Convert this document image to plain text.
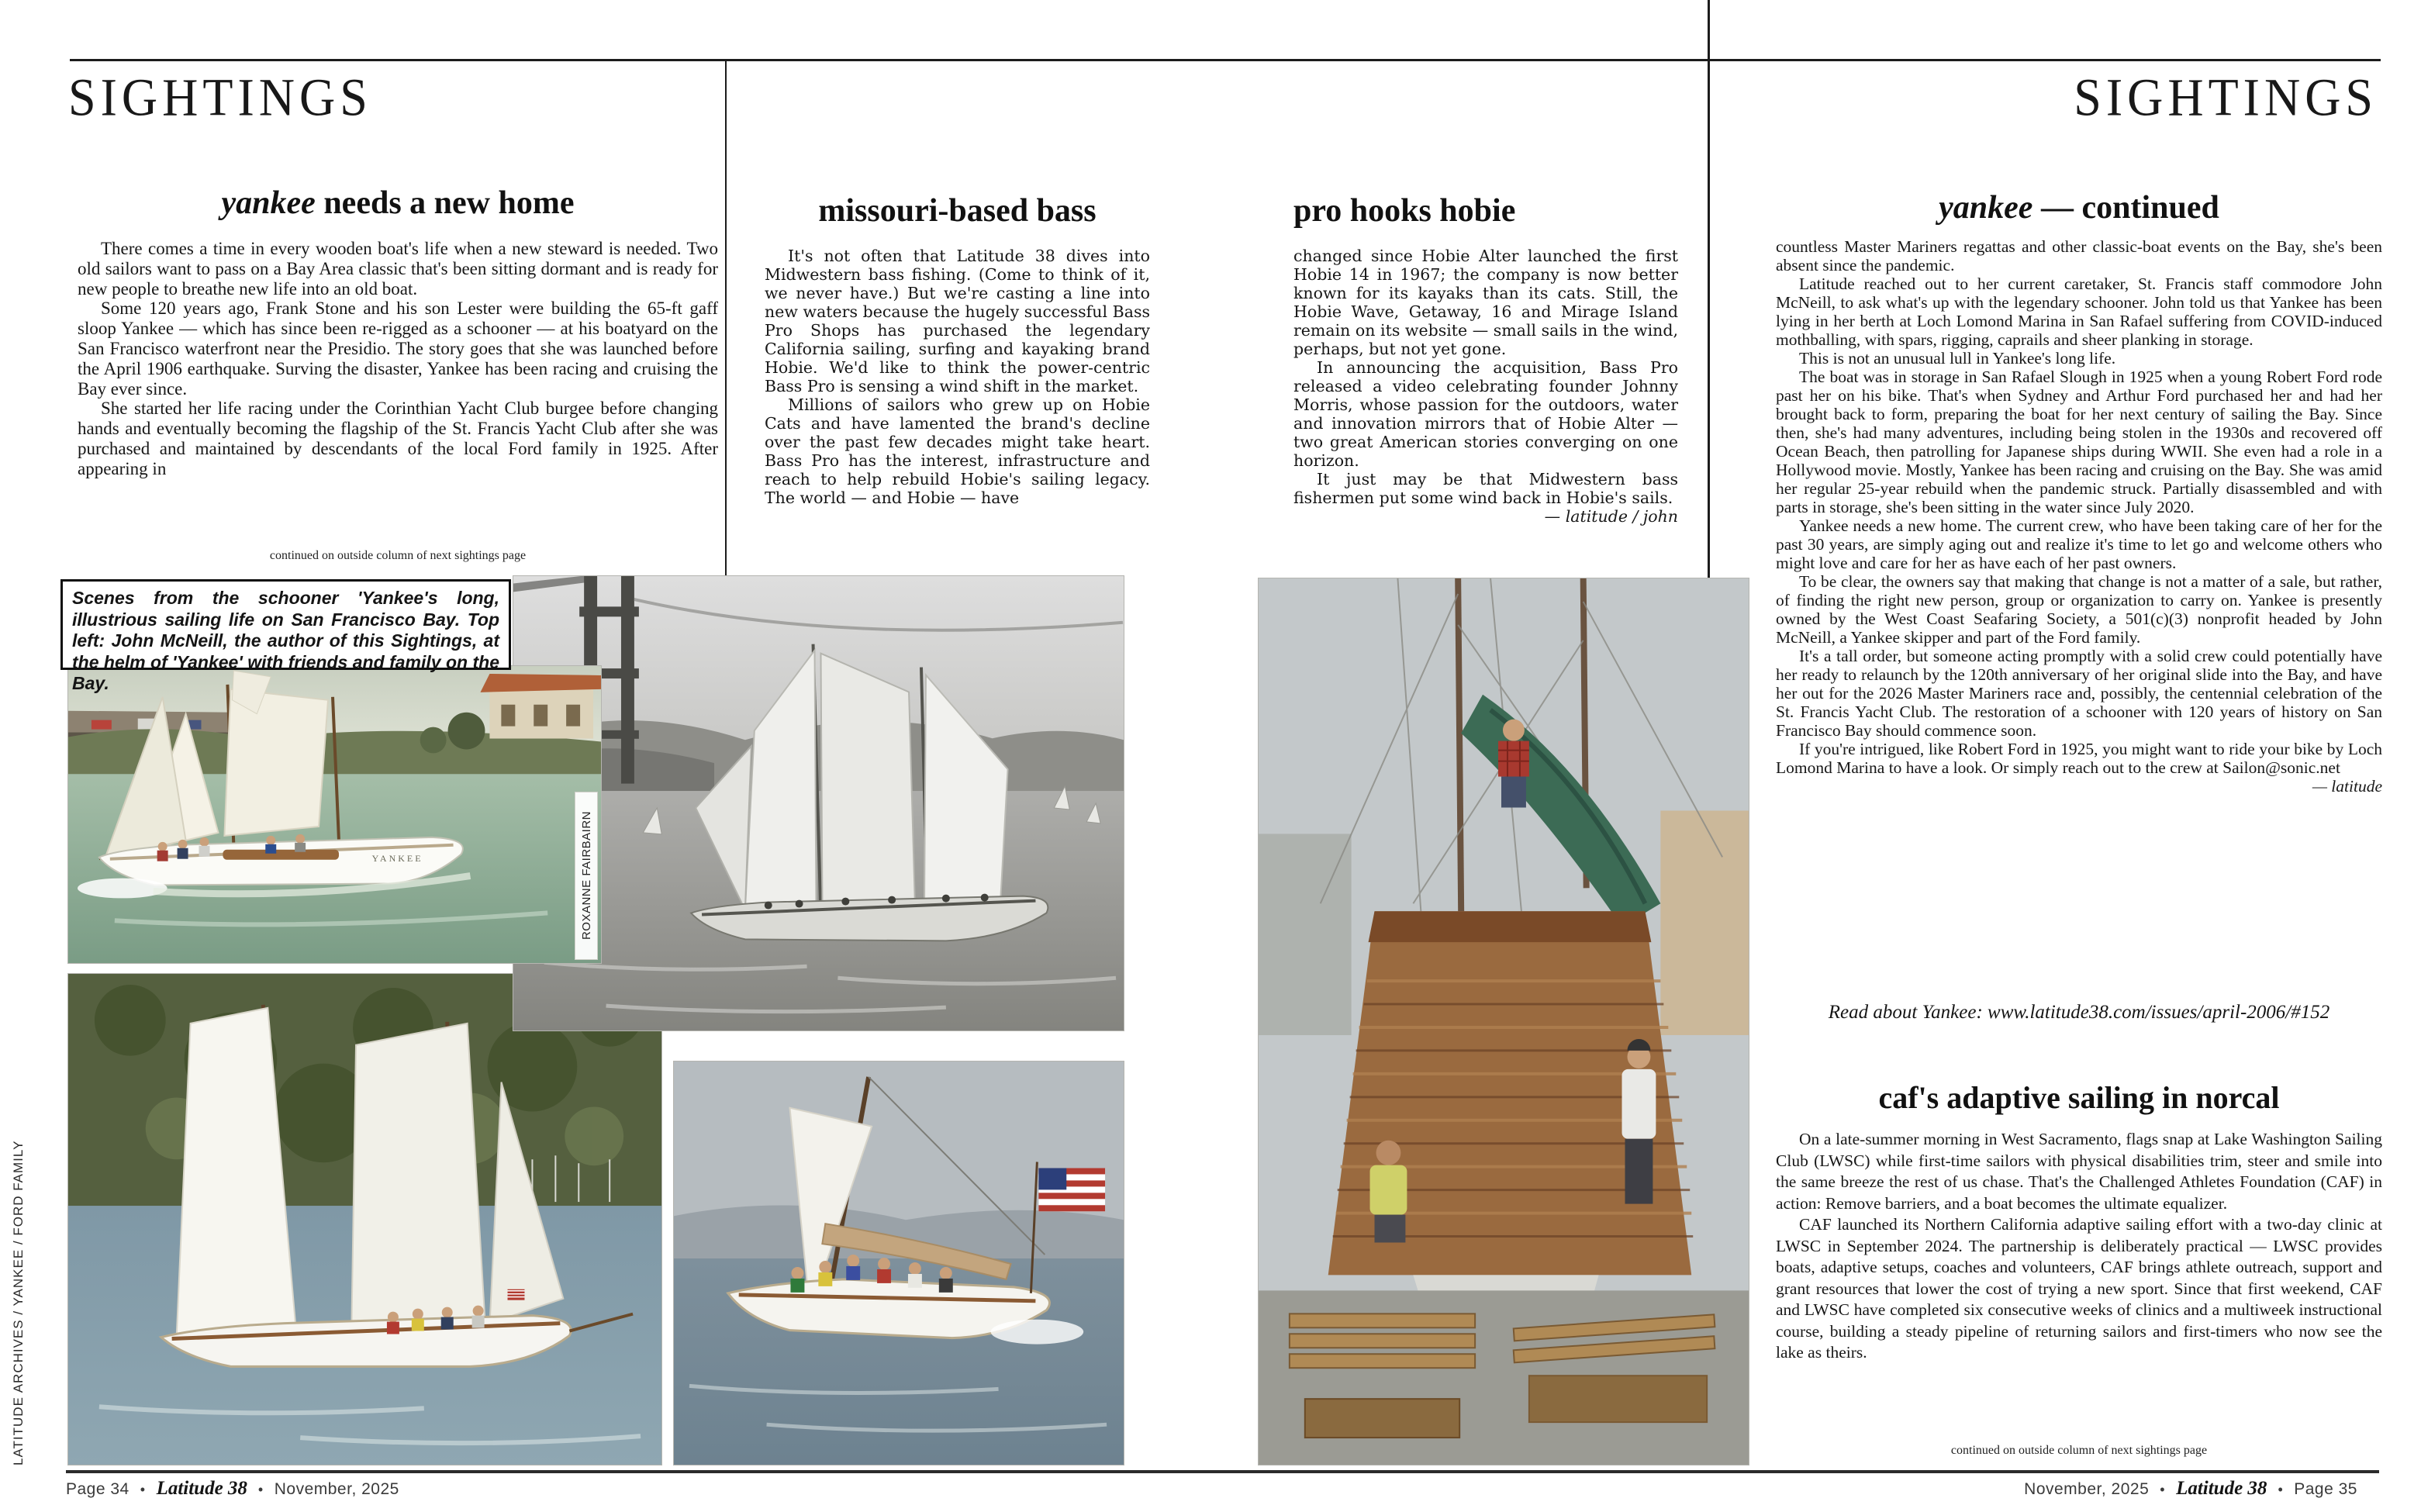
SIGHTINGS	SIGHTINGS
yankee needs a new home

There comes a time in every wooden boat's life when a new steward is needed. Two old sailors want to pass on a Bay Area classic that's been sitting dormant and is ready for new people to breathe new life into an old boat.

Some 120 years ago, Frank Stone and his son Lester were building the 65-ft gaff sloop Yankee — which has since been re-rigged as a schooner — at his boatyard on the San Francisco waterfront near the Presidio. The story goes that she was launched before the April 1906 earthquake. Surving the disaster, Yankee has been racing and cruising the Bay ever since.

She started her life racing under the Corinthian Yacht Club burgee before changing hands and eventually becoming the flagship of the St. Francis Yacht Club after she was purchased and maintained by descendants of the local Ford family in 1925. After appearing in

continued on outside column of next sightings page
missouri-based bass

It's not often that Latitude 38 dives into Midwestern bass fishing. (Come to think of it, we never have.) But we're casting a line into new waters because the hugely successful Bass Pro Shops has purchased the legendary California sailing, surfing and kayaking brand Hobie. We'd like to think the power-centric Bass Pro is sensing a wind shift in the market.

Millions of sailors who grew up on Hobie Cats and have lamented the brand's decline over the past few decades might take heart. Bass Pro has the interest, infrastructure and reach to help rebuild Hobie's sailing legacy. The world — and Hobie — have

pro hooks hobie

changed since Hobie Alter launched the first Hobie 14 in 1967; the company is now better known for its kayaks than its cats. Still, the Hobie Wave, Getaway, 16 and Mirage Island remain on its website — small sails in the wind, perhaps, but not yet gone.

In announcing the acquisition, Bass Pro released a video celebrating founder Johnny Morris, whose passion for the outdoors, water and innovation mirrors that of Hobie Alter — two great American stories converging on one horizon.

It just may be that Midwestern bass fishermen put some wind back in Hobie's sails.

— latitude / john

yankee — continued

countless Master Mariners regattas and other classic-boat events on the Bay, she's been absent since the pandemic.

Latitude reached out to her current caretaker, St. Francis staff commodore John McNeill, to ask what's up with the legendary schooner. John told us that Yankee has been lying in her berth at Loch Lomond Marina in San Rafael suffering from COVID-induced mothballing, with spars, rigging, caprails and sheer planking in storage.

This is not an unusual lull in Yankee's long life.

The boat was in storage in San Rafael Slough in 1925 when a young Robert Ford rode past her on his bike. That's when Sydney and Arthur Ford purchased her and had her brought back to form, preparing the boat for her next century of sailing the Bay. Since then, she's had many adventures, including being stolen in the 1930s and recovered off Ocean Beach, then patrolling for Japanese ships during WWII. She even had a role in a Hollywood movie. Mostly, Yankee has been racing and cruising on the Bay. She was amid her regular 25-year rebuild when the pandemic struck. Partially disassembled and with parts in storage, she's been sitting in the water since July 2020.

Yankee needs a new home. The current crew, who have been taking care of her for the past 30 years, are simply aging out and realize it's time to let go and welcome others who might love and care for her as have each of her past owners.

To be clear, the owners say that making that change is not a matter of a sale, but rather, of finding the right new person, group or organization to carry on. Yankee is presently owned by the West Coast Seafaring Society, a 501(c)(3) nonprofit headed by John McNeill, a Yankee skipper and part of the Ford family.

It's a tall order, but someone acting promptly with a solid crew could potentially have her ready to relaunch by the 120th anniversary of her original slide into the Bay, and have her out for the 2026 Master Mariners race and, possibly, the centennial celebration of the St. Francis Yacht Club. The restoration of a schooner with 120 years of history on San Francisco Bay should commence soon.

If you're intrigued, like Robert Ford in 1925, you might want to ride your bike by Loch Lomond Marina to have a look. Or simply reach out to the crew at Sailon@sonic.net

— latitude

Read about Yankee: www.latitude38.com/issues/april-2006/#152
caf's adaptive sailing in norcal

On a late-summer morning in West Sacramento, flags snap at Lake Washington Sailing Club (LWSC) while first-time sailors with physical disabilities trim, steer and smile into the same breeze the rest of us chase. That's the Challenged Athletes Foundation (CAF) in action: Remove barriers, and a boat becomes the ultimate equalizer.

CAF launched its Northern California adaptive sailing effort with a two-day clinic at LWSC in September 2024. The partnership is deliberately practical — LWSC provides boats, adaptive setups, coaches and volunteers, CAF brings athlete outreach, support and grant resources that lower the cost of trying a new sport. Since that first weekend, CAF and LWSC have completed six consecutive weeks of clinics and a multiweek instructional course, building a steady pipeline of returning sailors and first-timers who now see the lake as theirs.

continued on outside column of next sightings page
Scenes from the schooner 'Yankee's long, illustrious sailing life on San Francisco Bay. Top left: John McNeill, the author of this Sightings, at the helm of 'Yankee' with friends and family on the Bay.
YANKEE	ROXANNE FAIRBAIRN
LATITUDE ARCHIVES / YANKEE / FORD FAMILY
Page 34 • Latitude 38 • November, 2025	November, 2025 • Latitude 38 • Page 35
